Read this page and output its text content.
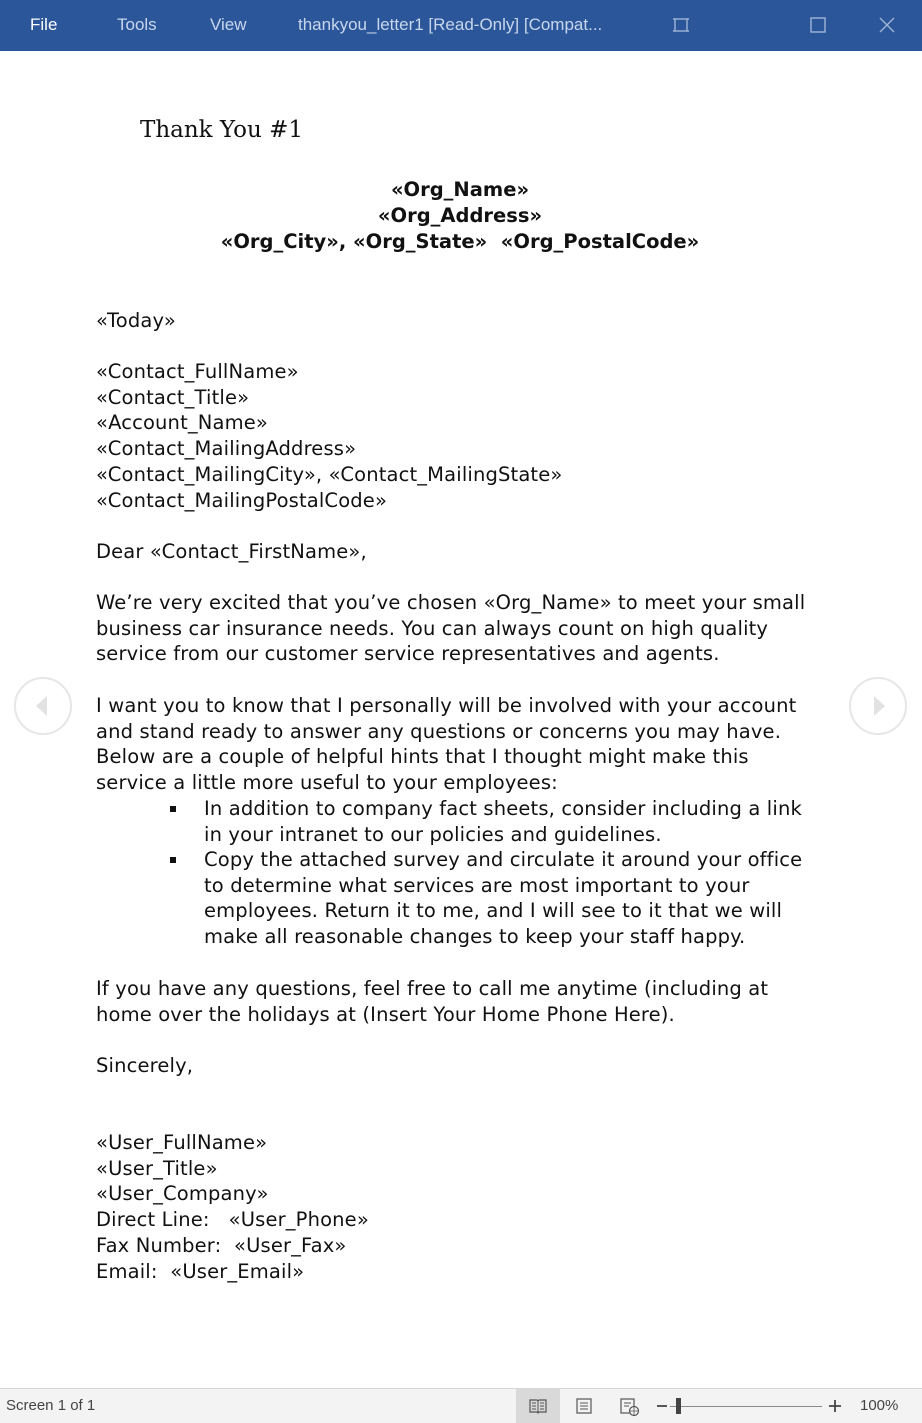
File	Tools	View	thankyou_letter1 [Read-Only] [Compat...
Thank You #1
«Org_Name»
«Org_Address»
«Org_City», «Org_State»  «Org_PostalCode»
«Today»
«Contact_FullName»
«Contact_Title»
«Account_Name»
«Contact_MailingAddress»
«Contact_MailingCity», «Contact_MailingState»
«Contact_MailingPostalCode»
Dear «Contact_FirstName»,
We’re very excited that you’ve chosen «Org_Name» to meet your small
business car insurance needs. You can always count on high quality
service from our customer service representatives and agents.
I want you to know that I personally will be involved with your account
and stand ready to answer any questions or concerns you may have.
Below are a couple of helpful hints that I thought might make this
service a little more useful to your employees:
In addition to company fact sheets, consider including a link
in your intranet to our policies and guidelines.
Copy the attached survey and circulate it around your office
to determine what services are most important to your
employees. Return it to me, and I will see to it that we will
make all reasonable changes to keep your staff happy.
If you have any questions, feel free to call me anytime (including at
home over the holidays at (Insert Your Home Phone Here).
Sincerely,
«User_FullName»
«User_Title»
«User_Company»
Direct Line:   «User_Phone»
Fax Number:  «User_Fax»
Email:  «User_Email»
Screen 1 of 1	100%
